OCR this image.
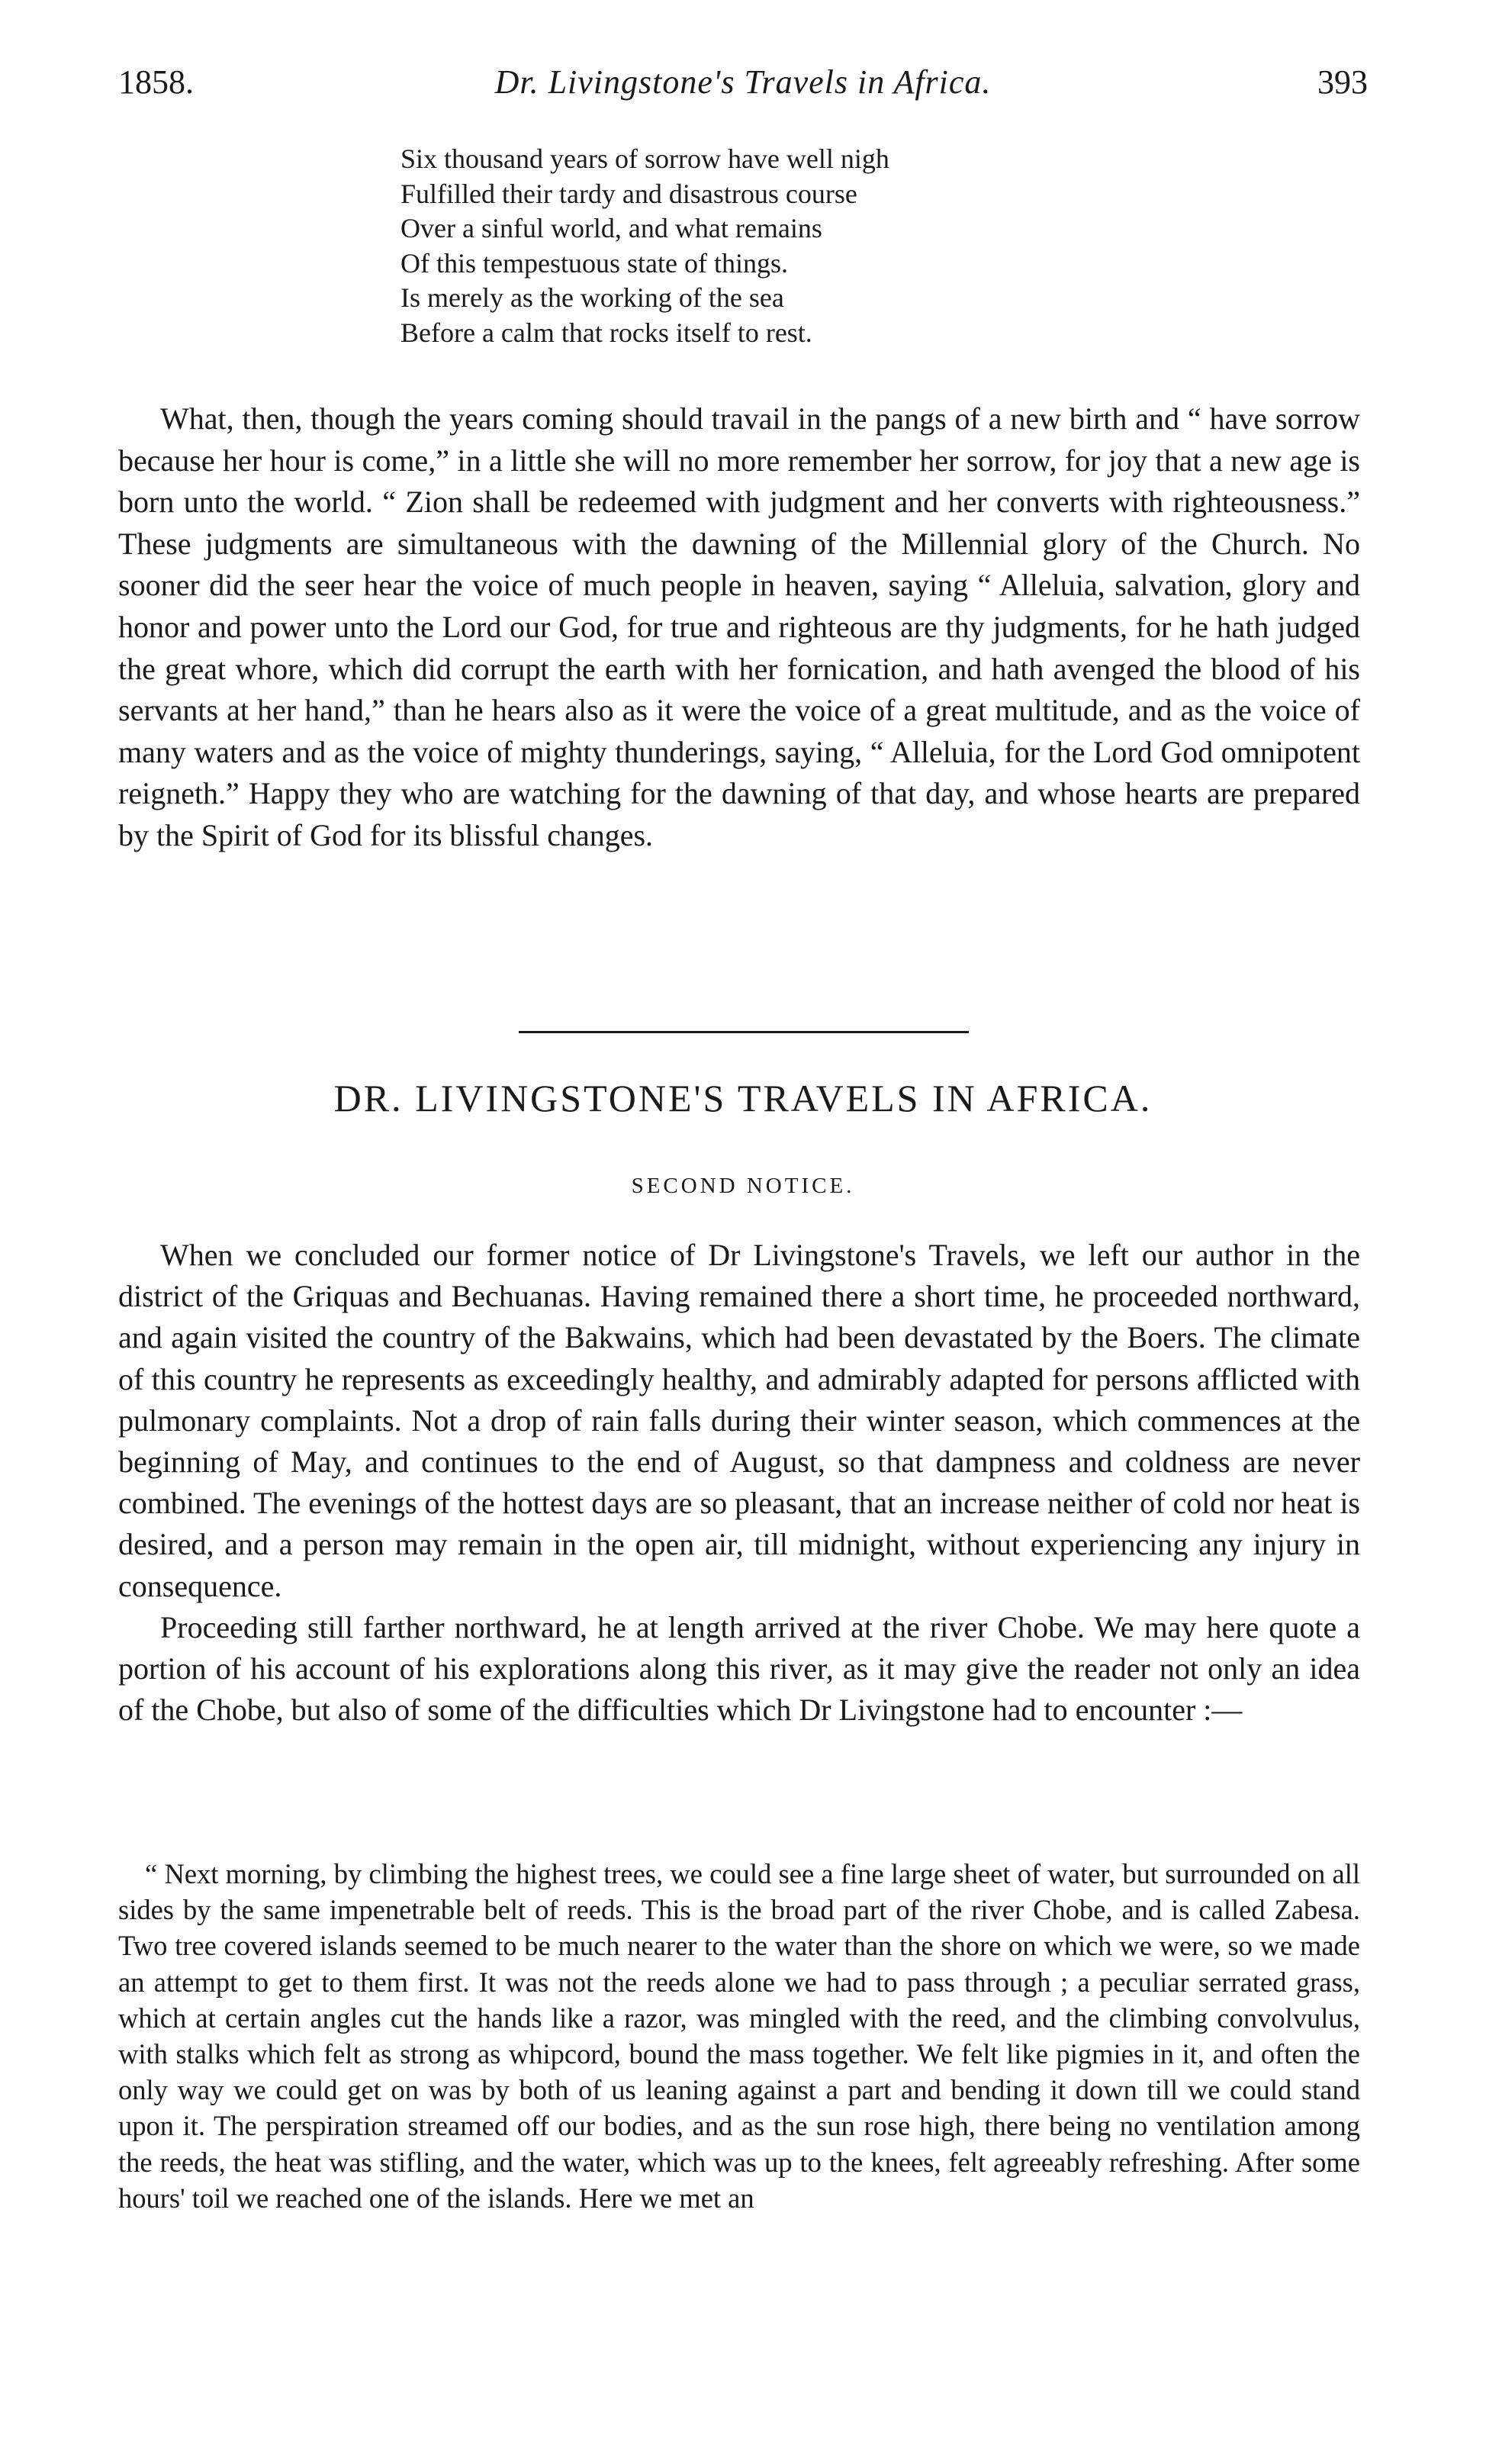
1858.	Dr. Livingstone's Travels in Africa.	393
Six thousand years of sorrow have well nigh
Fulfilled their tardy and disastrous course
Over a sinful world, and what remains
Of this tempestuous state of things.
Is merely as the working of the sea
Before a calm that rocks itself to rest.

What, then, though the years coming should travail in the pangs of a new birth and “ have sorrow because her hour is come,” in a little she will no more remember her sorrow, for joy that a new age is born unto the world. “ Zion shall be redeemed with judgment and her converts with righteousness.” These judgments are simultaneous with the dawning of the Millennial glory of the Church. No sooner did the seer hear the voice of much people in heaven, saying “ Alleluia, salvation, glory and honor and power unto the Lord our God, for true and righteous are thy judgments, for he hath judged the great whore, which did corrupt the earth with her fornication, and hath avenged the blood of his servants at her hand,” than he hears also as it were the voice of a great multitude, and as the voice of many waters and as the voice of mighty thunderings, saying, “ Alleluia, for the Lord God omnipotent reigneth.” Happy they who are watching for the dawning of that day, and whose hearts are prepared by the Spirit of God for its blissful changes.

DR. LIVINGSTONE'S TRAVELS IN AFRICA.
SECOND NOTICE.

When we concluded our former notice of Dr Livingstone's Travels, we left our author in the district of the Griquas and Bechuanas. Having remained there a short time, he proceeded northward, and again visited the country of the Bakwains, which had been devastated by the Boers. The climate of this country he represents as exceedingly healthy, and admirably adapted for persons afflicted with pulmonary complaints. Not a drop of rain falls during their winter season, which commences at the beginning of May, and continues to the end of August, so that dampness and coldness are never combined. The evenings of the hottest days are so pleasant, that an increase neither of cold nor heat is desired, and a person may remain in the open air, till midnight, without experiencing any injury in consequence.

Proceeding still farther northward, he at length arrived at the river Chobe. We may here quote a portion of his account of his explorations along this river, as it may give the reader not only an idea of the Chobe, but also of some of the difficulties which Dr Livingstone had to encounter :—

“ Next morning, by climbing the highest trees, we could see a fine large sheet of water, but surrounded on all sides by the same impenetrable belt of reeds. This is the broad part of the river Chobe, and is called Zabesa. Two tree covered islands seemed to be much nearer to the water than the shore on which we were, so we made an attempt to get to them first. It was not the reeds alone we had to pass through ; a peculiar serrated grass, which at certain angles cut the hands like a razor, was mingled with the reed, and the climbing convolvulus, with stalks which felt as strong as whipcord, bound the mass together. We felt like pigmies in it, and often the only way we could get on was by both of us leaning against a part and bending it down till we could stand upon it. The perspiration streamed off our bodies, and as the sun rose high, there being no ventilation among the reeds, the heat was stifling, and the water, which was up to the knees, felt agreeably refreshing. After some hours' toil we reached one of the islands. Here we met an
